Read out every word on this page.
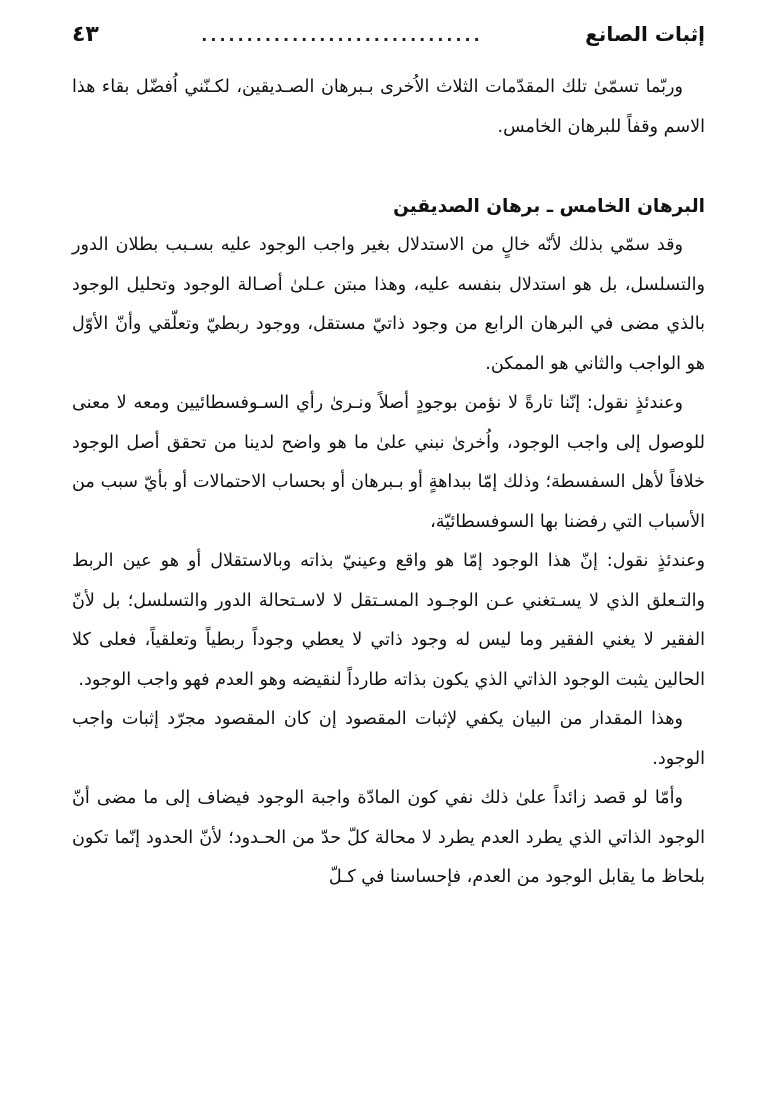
إثبات الصانع
...............................
٤٣

وربّما تسمّىٰ تلك المقدّمات الثلاث الاُخرى بـبرهان الصـديقين، لكـنّني اُفضّل بقاء هذا الاسم وقفاً للبرهان الخامس.

البرهان الخامس ـ برهان الصديقين

وقد سمّي بذلك لأنّه خالٍ من الاستدلال بغير واجب الوجود عليه بسـبب بطلان الدور والتسلسل، بل هو استدلال بنفسه عليه، وهذا مبتن عـلىٰ أصـالة الوجود وتحليل الوجود بالذي مضى في البرهان الرابع من وجود ذاتيّ مستقل، ووجود ربطيّ وتعلّقي وأنّ الأوّل هو الواجب والثاني هو الممكن.

وعندئذٍ نقول: إنّنا تارةً لا نؤمن بوجودٍ أصلاً ونـرىٰ رأي السـوفسطائيين ومعه لا معنى للوصول إلى واجب الوجود، واُخرىٰ نبني علىٰ ما هو واضح لدينا من تحقق أصل الوجود خلافاً لأهل السفسطة؛ وذلك إمّا ببداهةٍ أو بـبرهان أو بحساب الاحتمالات أو بأيّ سبب من الأسباب التي رفضنا بها السوفسطائيّة،

وعندئذٍ نقول: إنّ هذا الوجود إمّا هو واقع وعينيّ بذاته وبالاستقلال أو هو عين الربط والتـعلق الذي لا يسـتغني عـن الوجـود المسـتقل لا لاسـتحالة الدور والتسلسل؛ بل لأنّ الفقير لا يغني الفقير وما ليس له وجود ذاتي لا يعطي وجوداً ربطياً وتعلقياً، فعلى كلا الحالين يثبت الوجود الذاتي الذي يكون بذاته طارداً لنقيضه وهو العدم فهو واجب الوجود.

وهذا المقدار من البيان يكفي لإثبات المقصود إن كان المقصود مجرّد إثبات واجب الوجود.

وأمّا لو قصد زائداً علىٰ ذلك نفي كون المادّة واجبة الوجود فيضاف إلى ما مضى أنّ الوجود الذاتي الذي يطرد العدم يطرد لا محالة كلّ حدّ من الحـدود؛ لأنّ الحدود إنّما تكون بلحاظ ما يقابل الوجود من العدم، فإحساسنا في كـلّ
